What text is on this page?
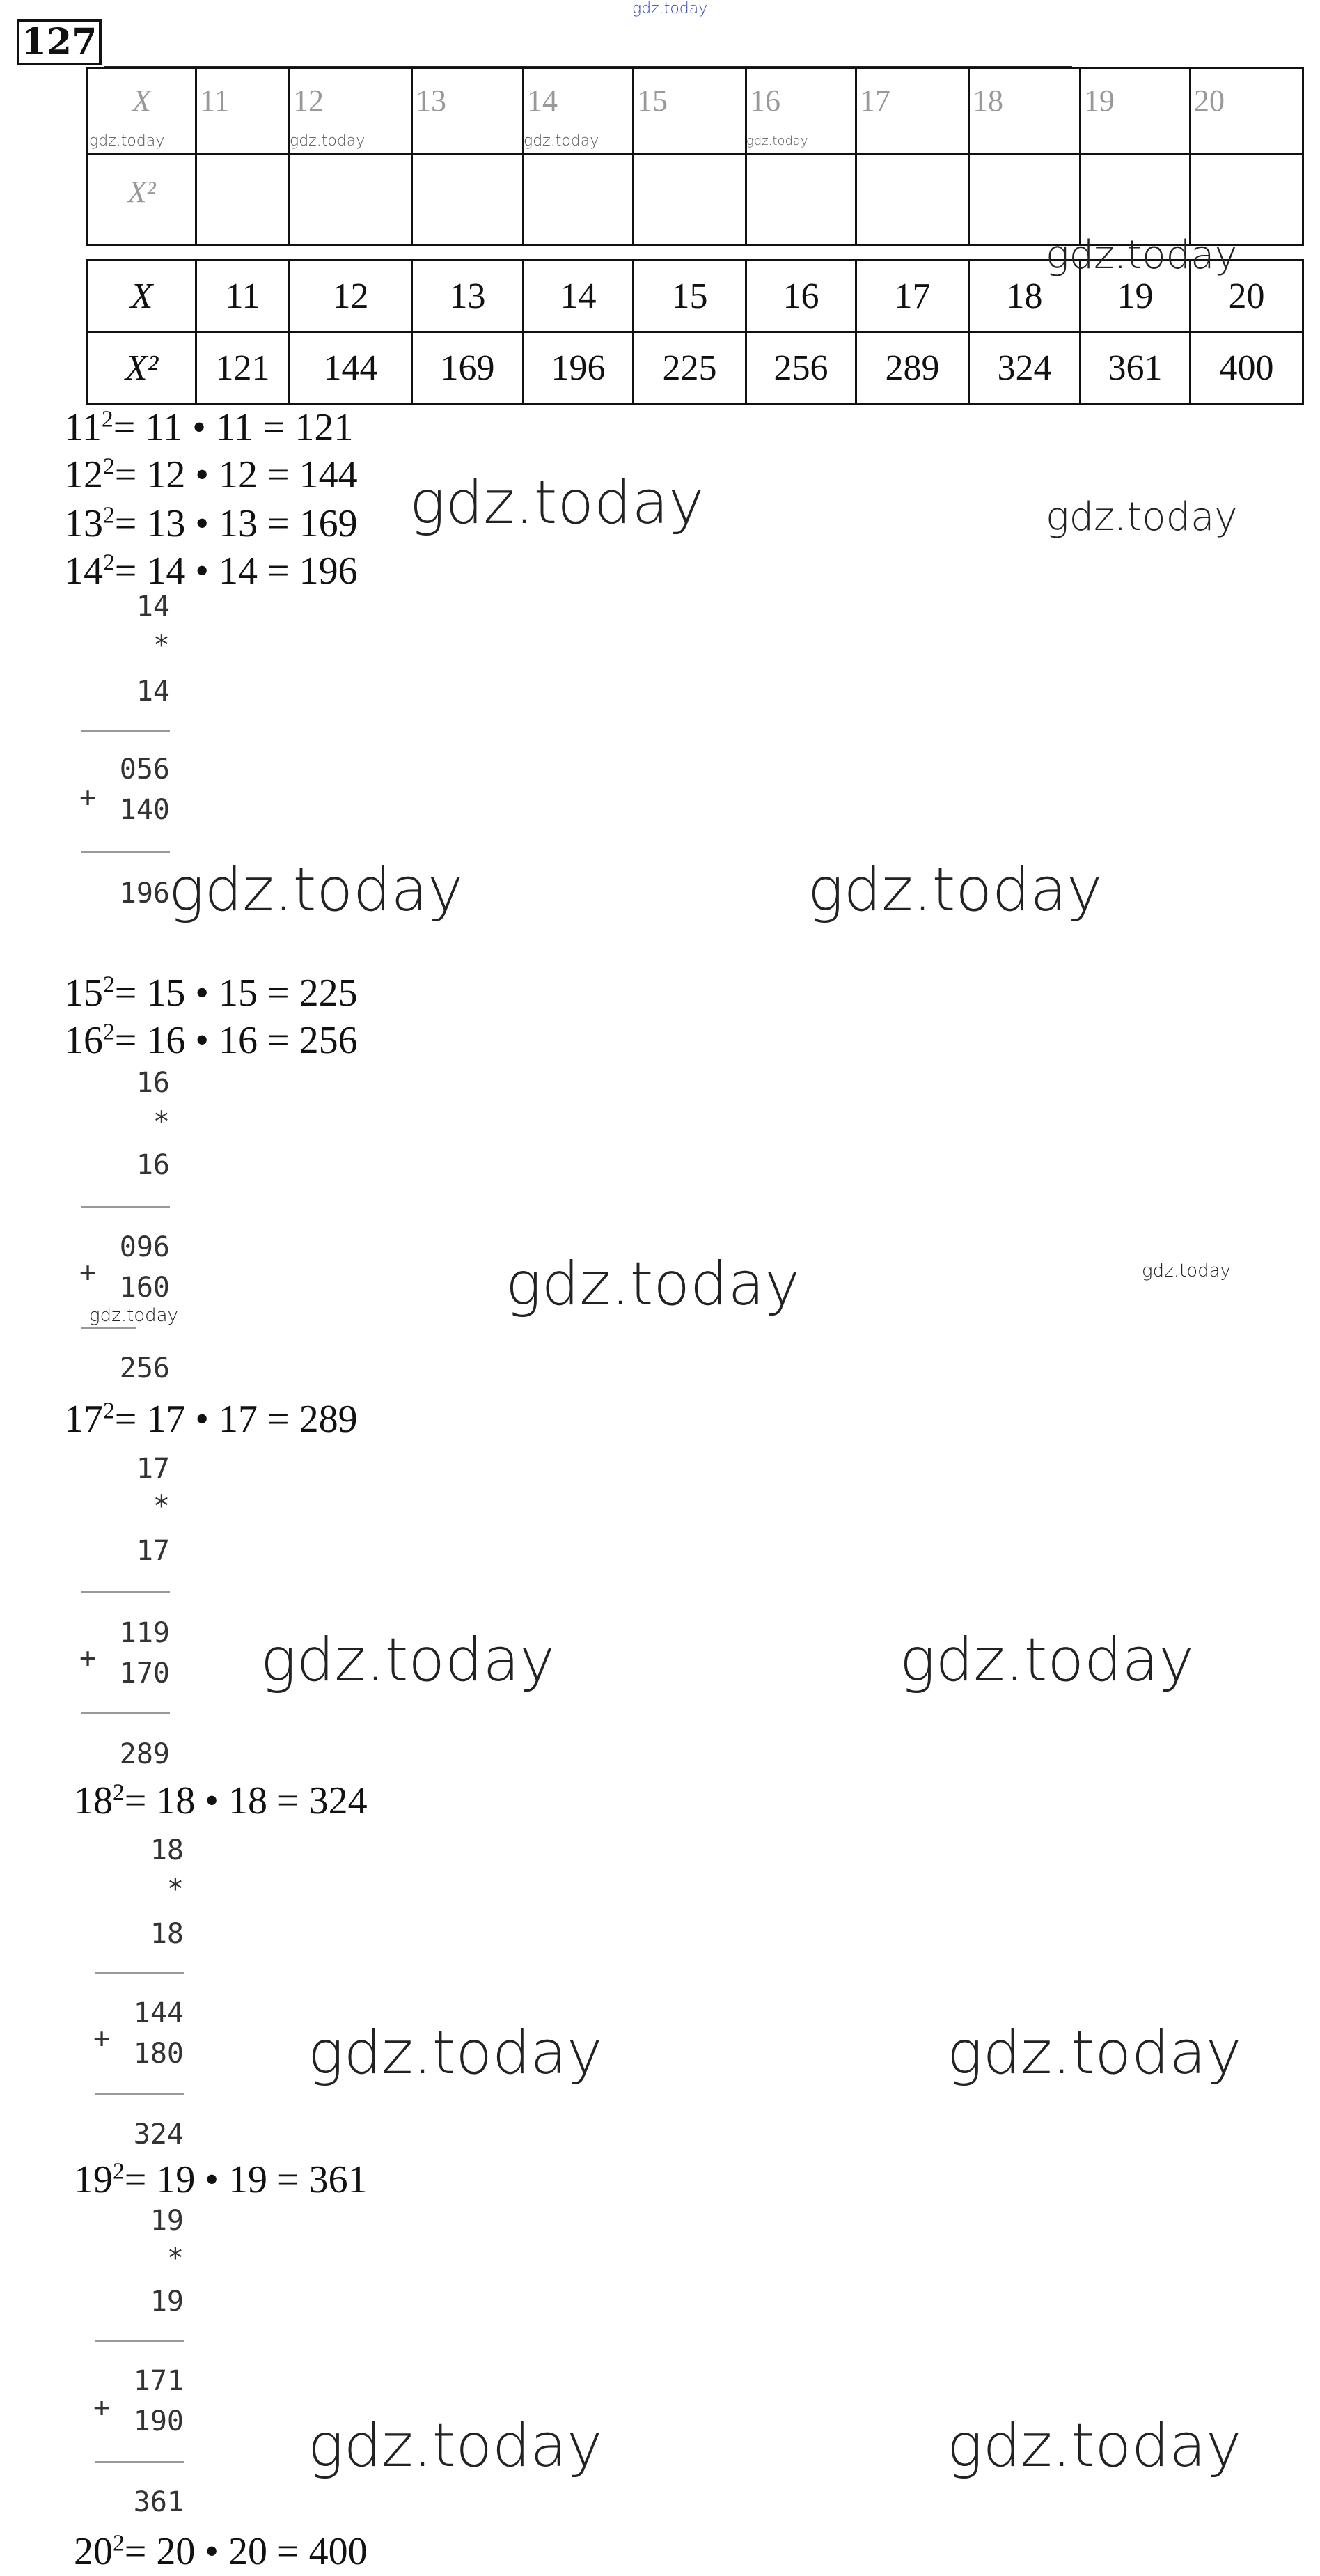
gdz.today
127
X	11	12	13	14	15	16	17	18	19	20
X²										
gdz.today	gdz.today	gdz.today	gdz.today
X	11	12	13	14	15	16	17	18	19	20
X²	121	144	169	196	225	256	289	324	361	400
gdz.today
$11^2= 11$ • 11 = 121
$12^2= 12$ • 12 = 144
$13^2= 13$ • 13 = 169
$14^2= 14$ • 14 = 196
gdz.today	gdz.today
14
*
14
056
+ 140
196
gdz.today	gdz.today
$15^2= 15$ • 15 = 225
$16^2= 16$ • 16 = 256
16
*
16
096
+ 160
256
gdz.today	gdz.today	gdz.today
$17^2= 17$ • 17 = 289
17
*
17
119
+ 170
289
gdz.today	gdz.today
$18^2= 18$ • 18 = 324
18
*
18
144
+ 180
324
gdz.today	gdz.today
$19^2= 19$ • 19 = 361
19
*
19
171
+ 190
361
gdz.today	gdz.today
$20^2= 20$ • 20 = 400
